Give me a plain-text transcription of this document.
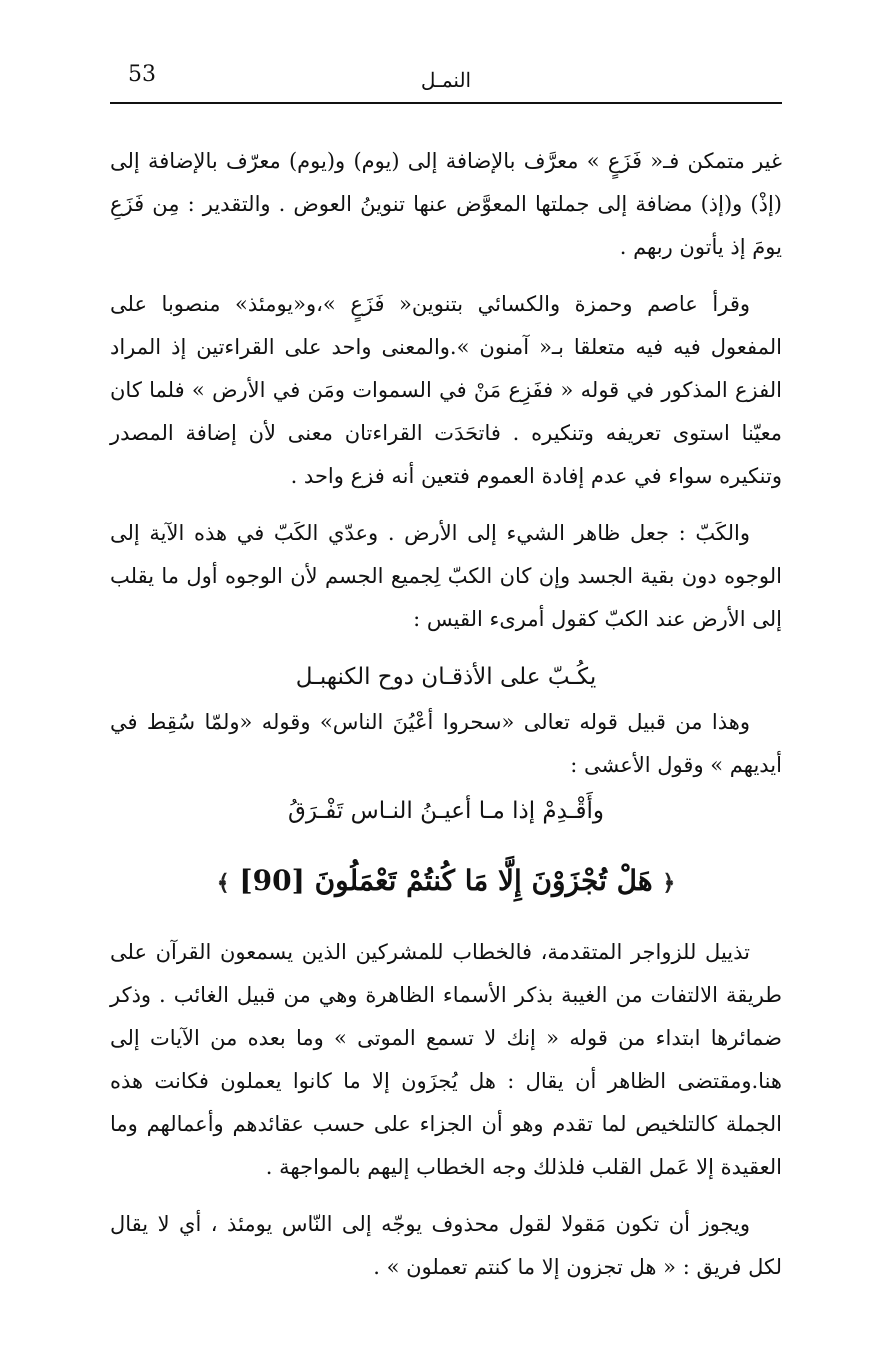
53	النمـل

غير متمكن فـ« فَزَعٍ » معرَّف بالإضافة إلى (يوم) و(يوم) معرّف بالإضافة إلى (إذْ) و(إذ) مضافة إلى جملتها المعوَّض عنها تنوينُ العوض . والتقدير : مِن فَزَعِ يومَ إذ يأتون ربهم .

وقرأ عاصم وحمزة والكسائي بتنوين« فَزَعٍ »،و«يومئذ» منصوبا على المفعول فيه فيه متعلقا بـ« آمنون ».والمعنى واحد على القراءتين إذ المراد الفزع المذكور في قوله « ففَزِع مَنْ في السموات ومَن في الأرض » فلما كان معيّنا استوى تعريفه وتنكيره . فاتحَدَت القراءتان معنى لأن إضافة المصدر وتنكيره سواء في عدم إفادة العموم فتعين أنه فزع واحد .

والكَبّ : جعل ظاهر الشيء إلى الأرض . وعدّي الكَبّ في هذه الآية إلى الوجوه دون بقية الجسد وإن كان الكبّ لِجميع الجسم لأن الوجوه أول ما يقلب إلى الأرض عند الكبّ كقول أمرىء القيس :

يكُـبّ على الأذقـان دوح الكنهبـل

وهذا من قبيل قوله تعالى «سحروا أعْيُنَ الناس» وقوله «ولمّا سُقِط في أيديهم » وقول الأعشى :

وأَقْـدِمْ إذا مـا أعيـنُ النـاس تَفْـرَقُ

﴿ هَلْ تُجْزَوْنَ إِلَّا مَا كُنتُمْ تَعْمَلُونَ [90] ﴾

تذييل للزواجر المتقدمة، فالخطاب للمشركين الذين يسمعون القرآن على طريقة الالتفات من الغيبة بذكر الأسماء الظاهرة وهي من قبيل الغائب . وذكر ضمائرها ابتداء من قوله « إنك لا تسمع الموتى » وما بعده من الآيات إلى هنا.ومقتضى الظاهر أن يقال : هل يُجزَون إلا ما كانوا يعملون فكانت هذه الجملة كالتلخيص لما تقدم وهو أن الجزاء على حسب عقائدهم وأعمالهم وما العقيدة إلا عَمل القلب فلذلك وجه الخطاب إليهم بالمواجهة .

ويجوز أن تكون مَقولا لقول محذوف يوجّه إلى النّاس يومئذ ، أي لا يقال لكل فريق : « هل تجزون إلا ما كنتم تعملون » .
